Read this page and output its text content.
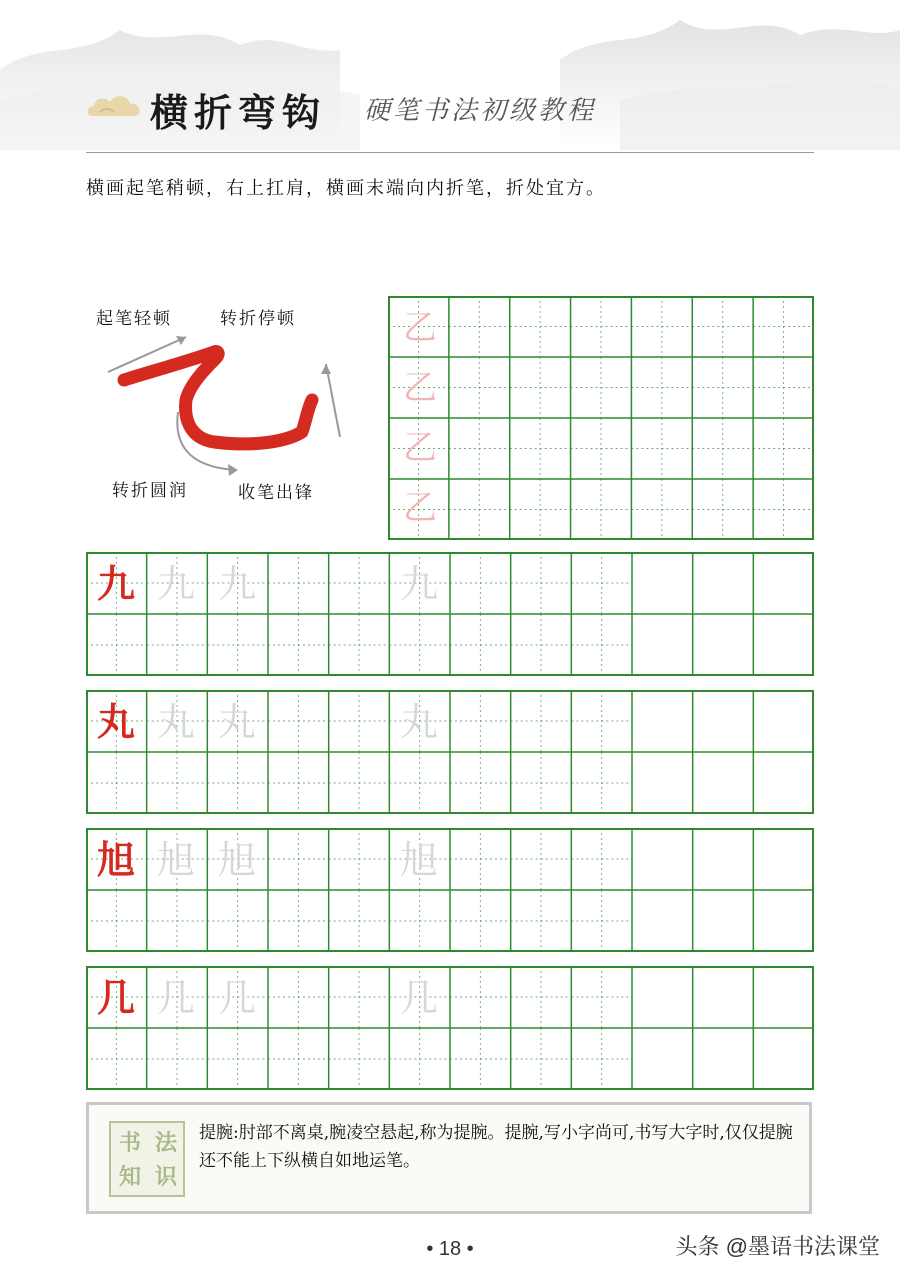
横折弯钩 硬笔书法初级教程
横画起笔稍顿，右上扛肩，横画末端向内折笔，折处宜方。
起笔轻顿	转折停顿
转折圆润	收笔出锋
乙
乙
乙
乙
九 九 九	九
丸 丸 丸	丸
旭 旭 旭	旭
几 几 几	几
书 法
知 识
提腕:肘部不离桌,腕凌空悬起,称为提腕。提腕,写小字尚可,书写大字时,仅仅提腕还不能上下纵横自如地运笔。
• 18 •	头条 @墨语书法课堂
